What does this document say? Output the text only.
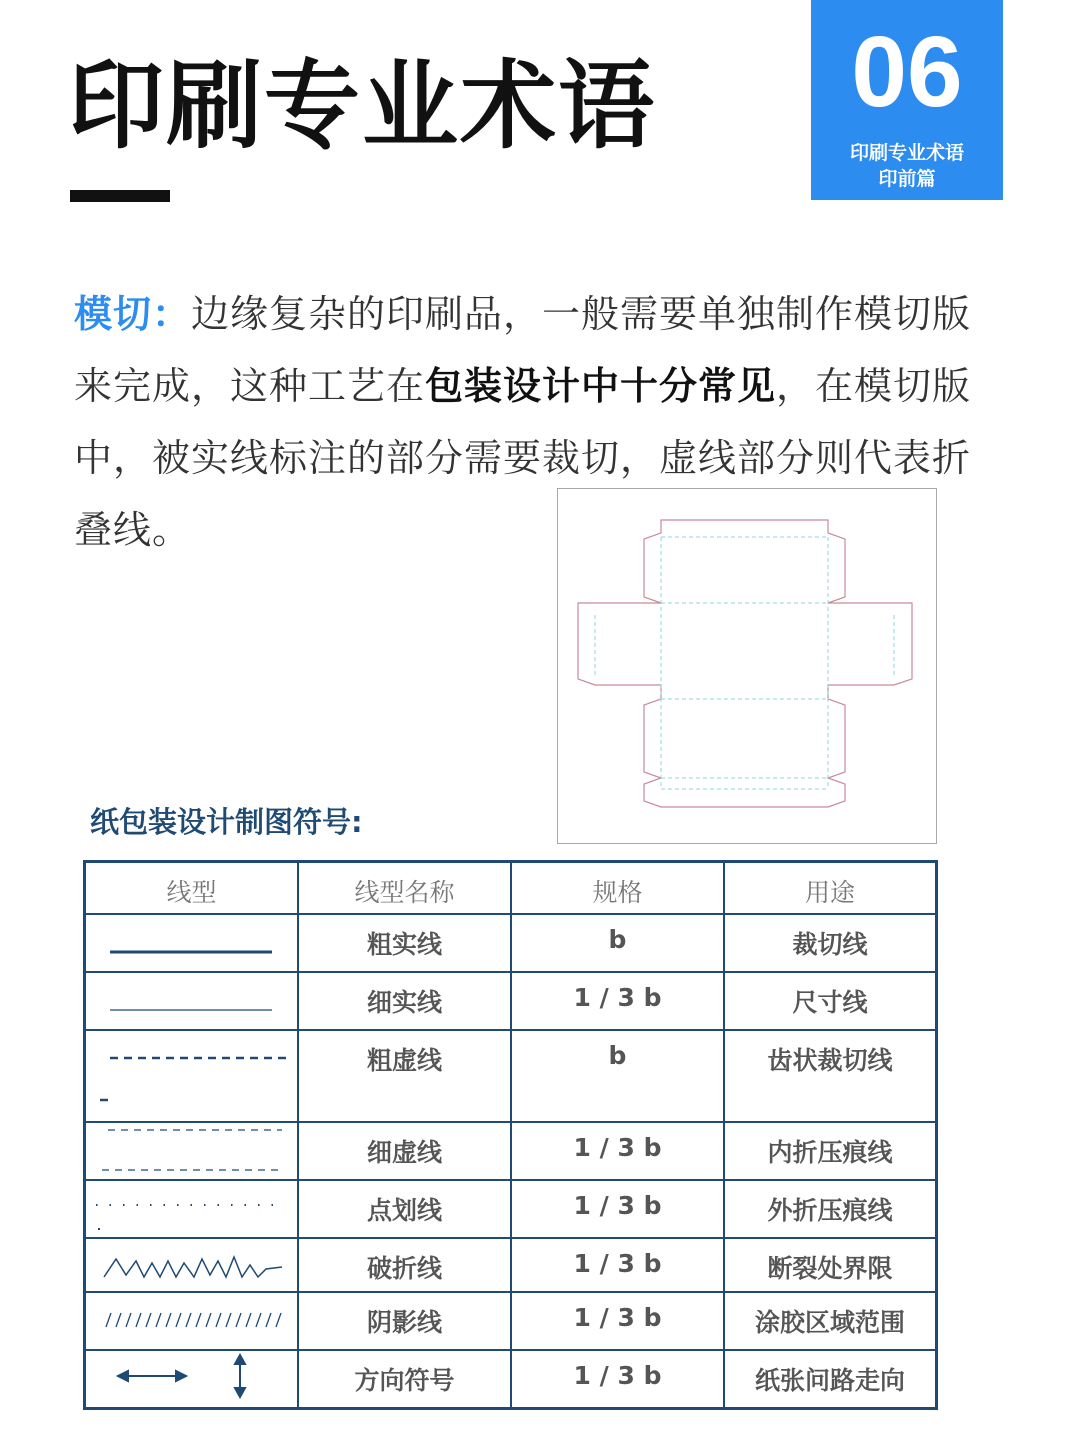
印刷专业术语	06
印刷专业术语
印前篇
模切：边缘复杂的印刷品，一般需要单独制作模切版来完成，这种工艺在包装设计中十分常见，在模切版中，被实线标注的部分需要裁切，虚线部分则代表折叠线。
纸包装设计制图符号:
线型	线型名称	规格	用途
粗实线	b	裁切线
细实线	1 / 3 b	尺寸线
粗虚线	b	齿状裁切线
细虚线	1 / 3 b	内折压痕线
点划线	1 / 3 b	外折压痕线
破折线	1 / 3 b	断裂处界限
阴影线	1 / 3 b	涂胶区域范围
方向符号	1 / 3 b	纸张问路走向
